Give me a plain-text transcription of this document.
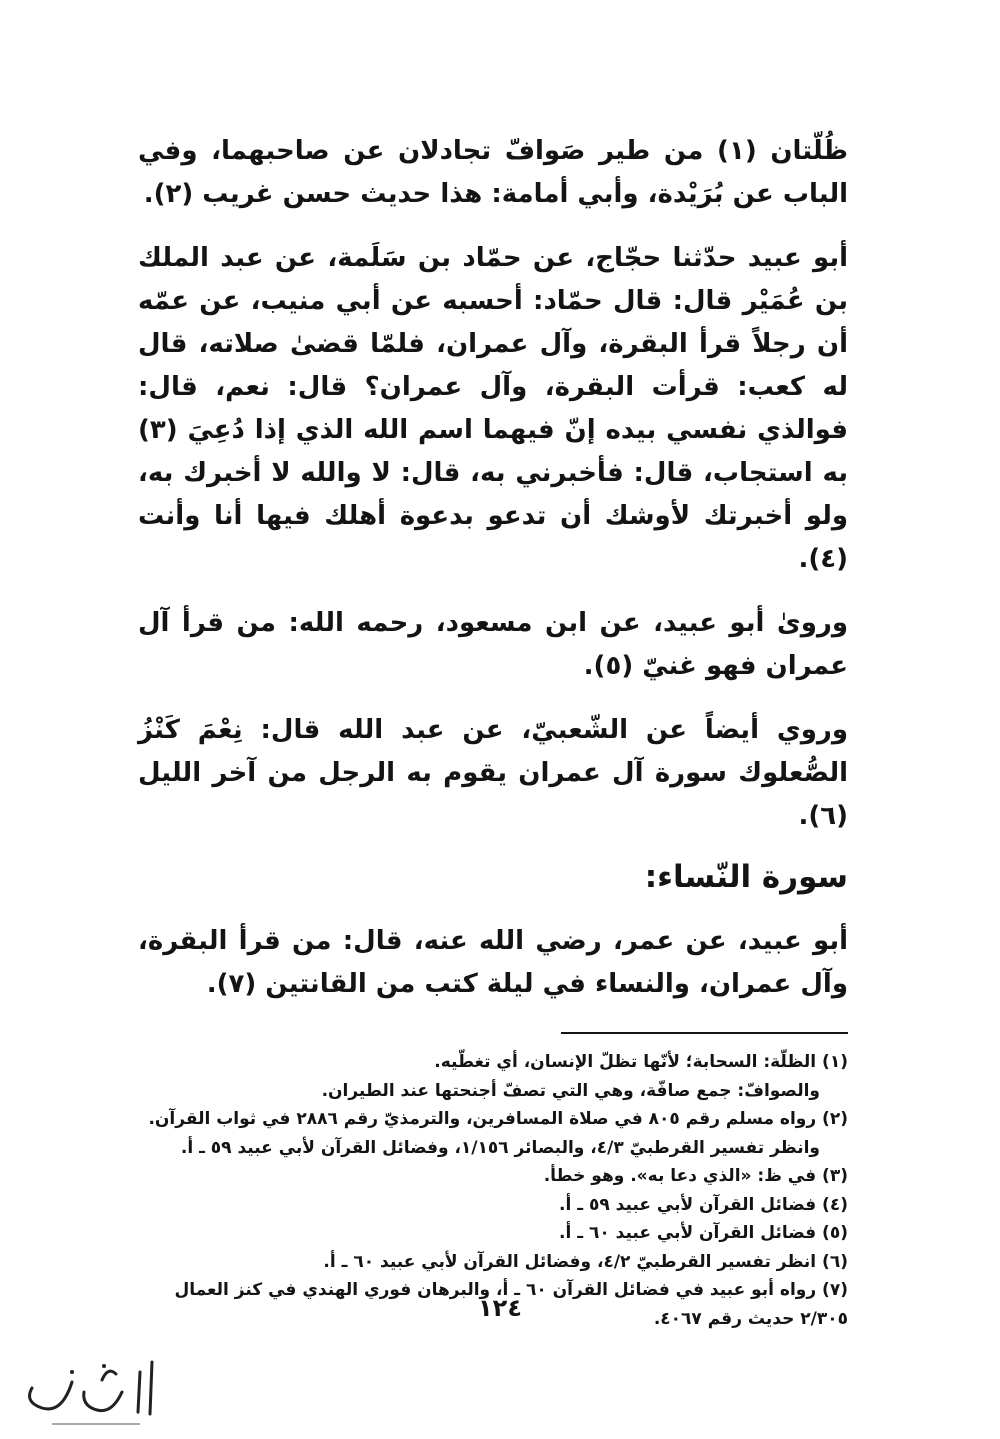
ظُلّتان (١) من طير صَوافّ تجادلان عن صاحبهما، وفي الباب عن بُرَيْدة، وأبي أمامة: هذا حديث حسن غريب (٢).

أبو عبيد حدّثنا حجّاج، عن حمّاد بن سَلَمة، عن عبد الملك بن عُمَيْر قال: قال حمّاد: أحسبه عن أبي منيب، عن عمّه أن رجلاً قرأ البقرة، وآل عمران، فلمّا قضىٰ صلاته، قال له كعب: قرأت البقرة، وآل عمران؟ قال: نعم، قال: فوالذي نفسي بيده إنّ فيهما اسم الله الذي إذا دُعِيَ (٣) به استجاب، قال: فأخبرني به، قال: لا والله لا أخبرك به، ولو أخبرتك لأوشك أن تدعو بدعوة أهلك فيها أنا وأنت (٤).

وروىٰ أبو عبيد، عن ابن مسعود، رحمه الله: من قرأ آل عمران فهو غنيّ (٥).

وروي أيضاً عن الشّعبيّ، عن عبد الله قال: نِعْمَ كَنْزُ الصُّعلوك سورة آل عمران يقوم به الرجل من آخر الليل (٦).

سورة النّساء:

أبو عبيد، عن عمر، رضي الله عنه، قال: من قرأ البقرة، وآل عمران، والنساء في ليلة كتب من القانتين (٧).

(١) الظلّة: السحابة؛ لأنّها تظلّ الإنسان، أي تغطّيه.

والصوافّ: جمع صافّة، وهي التي تصفّ أجنحتها عند الطيران.

(٢) رواه مسلم رقم ٨٠٥ في صلاة المسافرين، والترمذيّ رقم ٢٨٨٦ في ثواب القرآن.

وانظر تفسير القرطبيّ ٤/٣، والبصائر ١/١٥٦، وفضائل القرآن لأبي عبيد ٥٩ ـ أ.

(٣) في ظ: «الذي دعا به». وهو خطأ.

(٤) فضائل القرآن لأبي عبيد ٥٩ ـ أ.

(٥) فضائل القرآن لأبي عبيد ٦٠ ـ أ.

(٦) انظر تفسير القرطبيّ ٤/٢، وفضائل القرآن لأبي عبيد ٦٠ ـ أ.

(٧) رواه أبو عبيد في فضائل القرآن ٦٠ ـ أ، والبرهان فوري الهندي في كنز العمال ٢/٣٠٥ حديث رقم ٤٠٦٧.

١٢٤
